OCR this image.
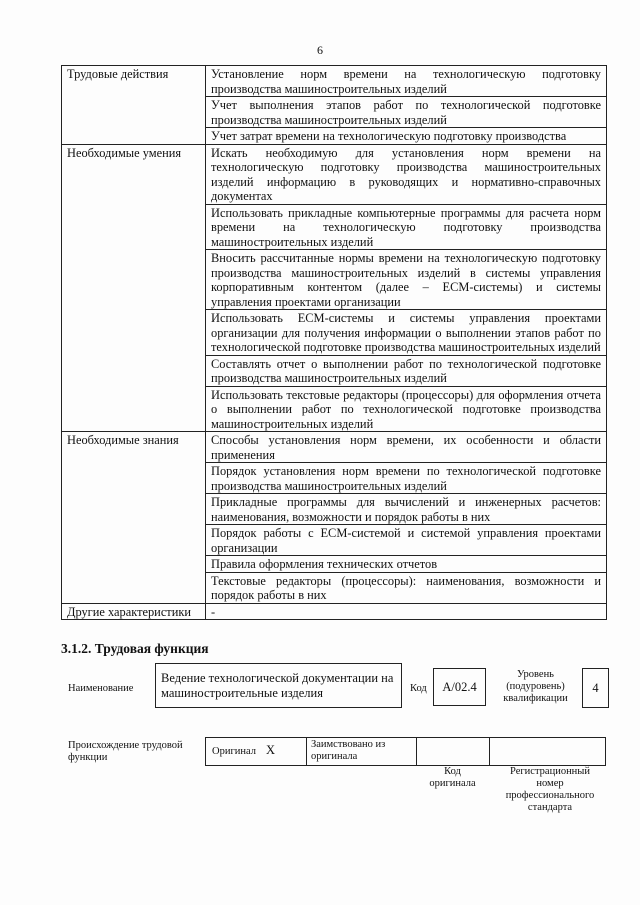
6
Трудовые действия	Установление норм времени на технологическую подготовку производства машиностроительных изделий
	Учет выполнения этапов работ по технологической подготовке производства машиностроительных изделий
	Учет затрат времени на технологическую подготовку производства
Необходимые умения	Искать необходимую для установления норм времени на технологическую подготовку производства машиностроительных изделий информацию в руководящих и нормативно-справочных документах
	Использовать прикладные компьютерные программы для расчета норм времени на технологическую подготовку производства машиностроительных изделий
	Вносить рассчитанные нормы времени на технологическую подготовку производства машиностроительных изделий в системы управления корпоративным контентом (далее – ECM-системы) и системы управления проектами организации
	Использовать ECM-системы и системы управления проектами организации для получения информации о выполнении этапов работ по технологической подготовке производства машиностроительных изделий
	Составлять отчет о выполнении работ по технологической подготовке производства машиностроительных изделий
	Использовать текстовые редакторы (процессоры) для оформления отчета о выполнении работ по технологической подготовке производства машиностроительных изделий
Необходимые знания	Способы установления норм времени, их особенности и области применения
	Порядок установления норм времени по технологической подготовке производства машиностроительных изделий
	Прикладные программы для вычислений и инженерных расчетов: наименования, возможности и порядок работы в них
	Порядок работы с ECM-системой и системой управления проектами организации
	Правила оформления технических отчетов
	Текстовые редакторы (процессоры): наименования, возможности и порядок работы в них
Другие характеристики	-
3.1.2. Трудовая функция
Наименование
Ведение технологической документации на машиностроительные изделия	Код	А/02.4
Уровень (подуровень) квалификации
4
Происхождение трудовой функции
Оригинал Х	Заимствовано из оригинала
Код оригинала
Регистрационный номер профессионального стандарта
